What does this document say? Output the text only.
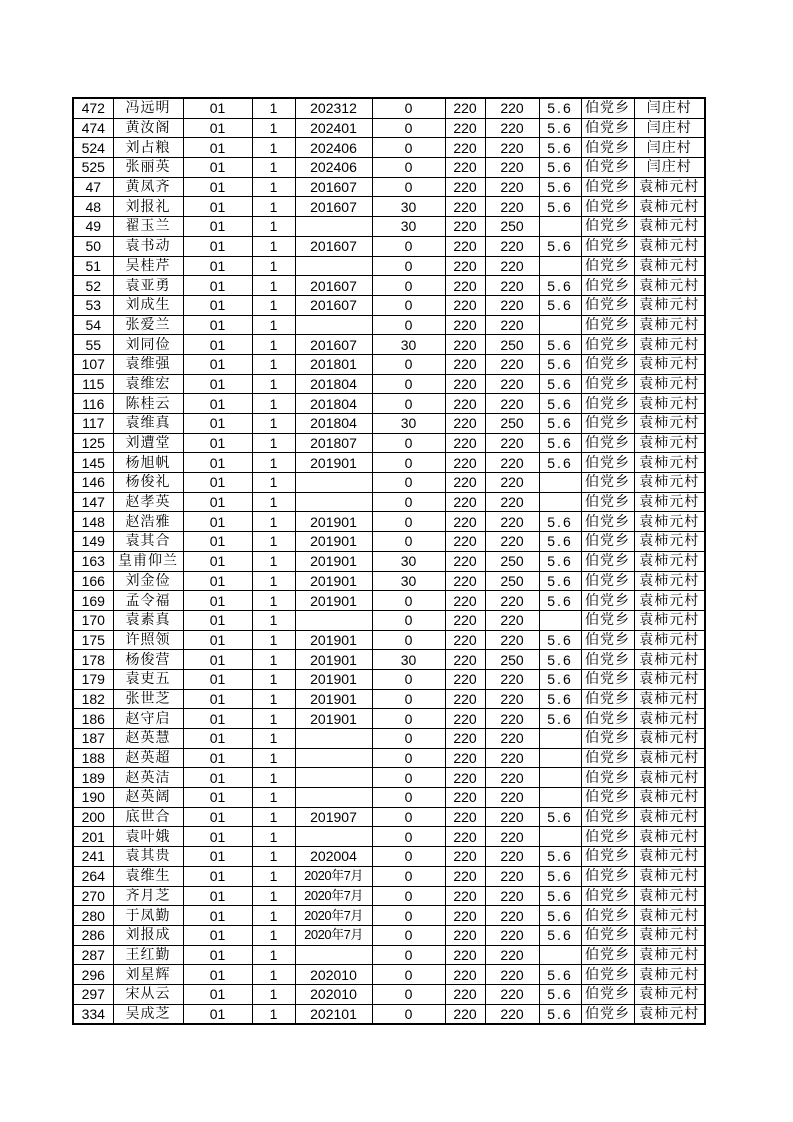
472	冯远明	01	1	202312	0	220	220	5.6	伯党乡	闫庄村
474	黄汝阁	01	1	202401	0	220	220	5.6	伯党乡	闫庄村
524	刘占粮	01	1	202406	0	220	220	5.6	伯党乡	闫庄村
525	张丽英	01	1	202406	0	220	220	5.6	伯党乡	闫庄村
47	黄凤齐	01	1	201607	0	220	220	5.6	伯党乡	袁柿元村
48	刘报礼	01	1	201607	30	220	220	5.6	伯党乡	袁柿元村
49	翟玉兰	01	1		30	220	250		伯党乡	袁柿元村
50	袁书动	01	1	201607	0	220	220	5.6	伯党乡	袁柿元村
51	吴桂芹	01	1		0	220	220		伯党乡	袁柿元村
52	袁亚勇	01	1	201607	0	220	220	5.6	伯党乡	袁柿元村
53	刘成生	01	1	201607	0	220	220	5.6	伯党乡	袁柿元村
54	张爱兰	01	1		0	220	220		伯党乡	袁柿元村
55	刘同俭	01	1	201607	30	220	250	5.6	伯党乡	袁柿元村
107	袁维强	01	1	201801	0	220	220	5.6	伯党乡	袁柿元村
115	袁维宏	01	1	201804	0	220	220	5.6	伯党乡	袁柿元村
116	陈桂云	01	1	201804	0	220	220	5.6	伯党乡	袁柿元村
117	袁维真	01	1	201804	30	220	250	5.6	伯党乡	袁柿元村
125	刘遭堂	01	1	201807	0	220	220	5.6	伯党乡	袁柿元村
145	杨旭帆	01	1	201901	0	220	220	5.6	伯党乡	袁柿元村
146	杨俊礼	01	1		0	220	220		伯党乡	袁柿元村
147	赵孝英	01	1		0	220	220		伯党乡	袁柿元村
148	赵浩雅	01	1	201901	0	220	220	5.6	伯党乡	袁柿元村
149	袁其合	01	1	201901	0	220	220	5.6	伯党乡	袁柿元村
163	皇甫仰兰	01	1	201901	30	220	250	5.6	伯党乡	袁柿元村
166	刘金俭	01	1	201901	30	220	250	5.6	伯党乡	袁柿元村
169	孟令福	01	1	201901	0	220	220	5.6	伯党乡	袁柿元村
170	袁素真	01	1		0	220	220		伯党乡	袁柿元村
175	许照领	01	1	201901	0	220	220	5.6	伯党乡	袁柿元村
178	杨俊营	01	1	201901	30	220	250	5.6	伯党乡	袁柿元村
179	袁吏五	01	1	201901	0	220	220	5.6	伯党乡	袁柿元村
182	张世芝	01	1	201901	0	220	220	5.6	伯党乡	袁柿元村
186	赵守启	01	1	201901	0	220	220	5.6	伯党乡	袁柿元村
187	赵英慧	01	1		0	220	220		伯党乡	袁柿元村
188	赵英超	01	1		0	220	220		伯党乡	袁柿元村
189	赵英洁	01	1		0	220	220		伯党乡	袁柿元村
190	赵英阔	01	1		0	220	220		伯党乡	袁柿元村
200	底世合	01	1	201907	0	220	220	5.6	伯党乡	袁柿元村
201	袁叶娥	01	1		0	220	220		伯党乡	袁柿元村
241	袁其贵	01	1	202004	0	220	220	5.6	伯党乡	袁柿元村
264	袁维生	01	1	2020年7月	0	220	220	5.6	伯党乡	袁柿元村
270	齐月芝	01	1	2020年7月	0	220	220	5.6	伯党乡	袁柿元村
280	于凤勤	01	1	2020年7月	0	220	220	5.6	伯党乡	袁柿元村
286	刘报成	01	1	2020年7月	0	220	220	5.6	伯党乡	袁柿元村
287	王红勤	01	1		0	220	220		伯党乡	袁柿元村
296	刘星辉	01	1	202010	0	220	220	5.6	伯党乡	袁柿元村
297	宋从云	01	1	202010	0	220	220	5.6	伯党乡	袁柿元村
334	吴成芝	01	1	202101	0	220	220	5.6	伯党乡	袁柿元村
